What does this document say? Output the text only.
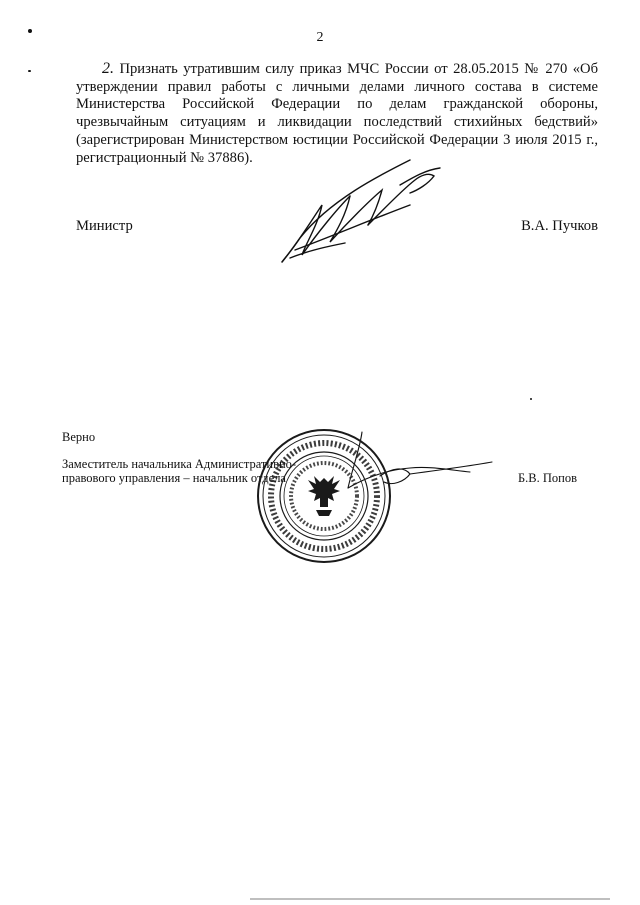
2
2. Признать утратившим силу приказ МЧС России от 28.05.2015 № 270 «Об утверждении правил работы с личными делами личного состава в системе Министерства Российской Федерации по делам гражданской обороны, чрезвычайным ситуациям и ликвидации последствий стихийных бедствий» (зарегистрирован Министерством юстиции Российской Федерации 3 июля 2015 г., регистрационный № 37886).
Министр	В.А. Пучков
Верно
Заместитель начальника Административно-
правового управления – начальник отдела	Б.В. Попов
